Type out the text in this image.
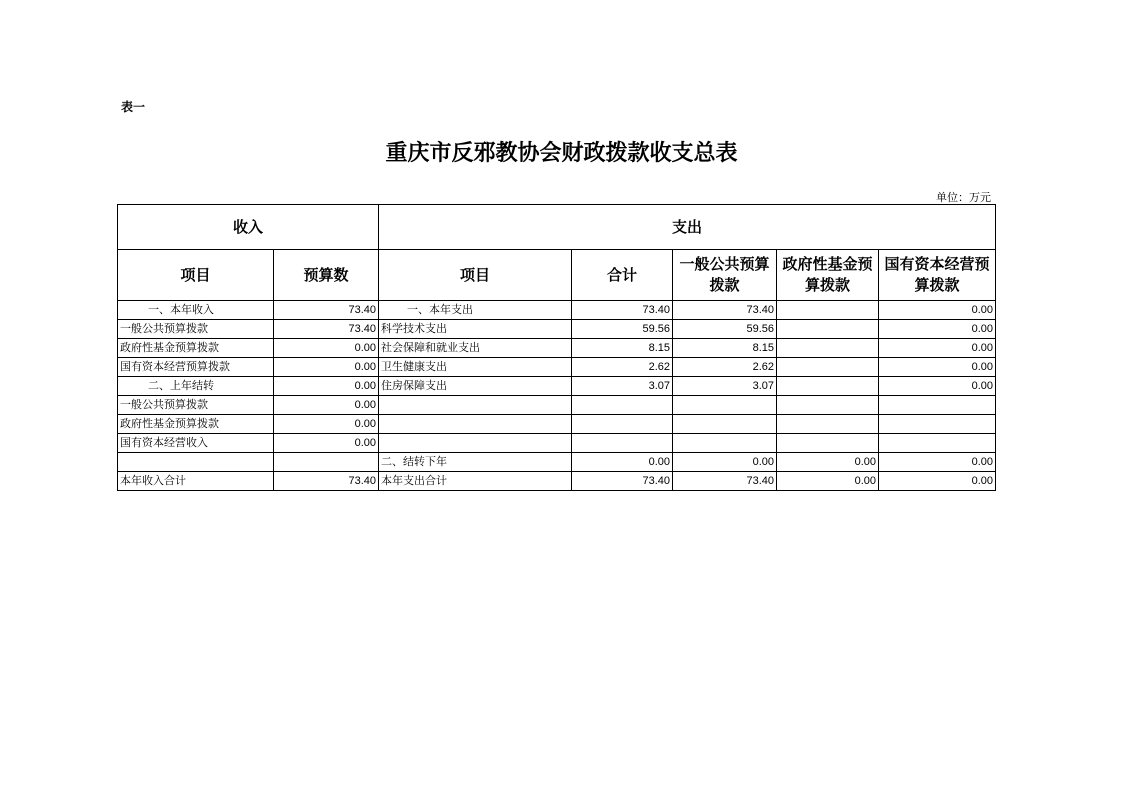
表一
重庆市反邪教协会财政拨款收支总表
单位：万元
收入		支出				
项目	预算数	项目	合计	一般公共预算拨款	政府性基金预算拨款	国有资本经营预算拨款
一、本年收入	73.40	一、本年支出	73.40	73.40		0.00
一般公共预算拨款	73.40	科学技术支出	59.56	59.56		0.00
政府性基金预算拨款	0.00	社会保障和就业支出	8.15	8.15		0.00
国有资本经营预算拨款	0.00	卫生健康支出	2.62	2.62		0.00
二、上年结转	0.00	住房保障支出	3.07	3.07		0.00
一般公共预算拨款	0.00					
政府性基金预算拨款	0.00					
国有资本经营收入	0.00					
		二、结转下年	0.00	0.00	0.00	0.00
本年收入合计	73.40	本年支出合计	73.40	73.40	0.00	0.00
